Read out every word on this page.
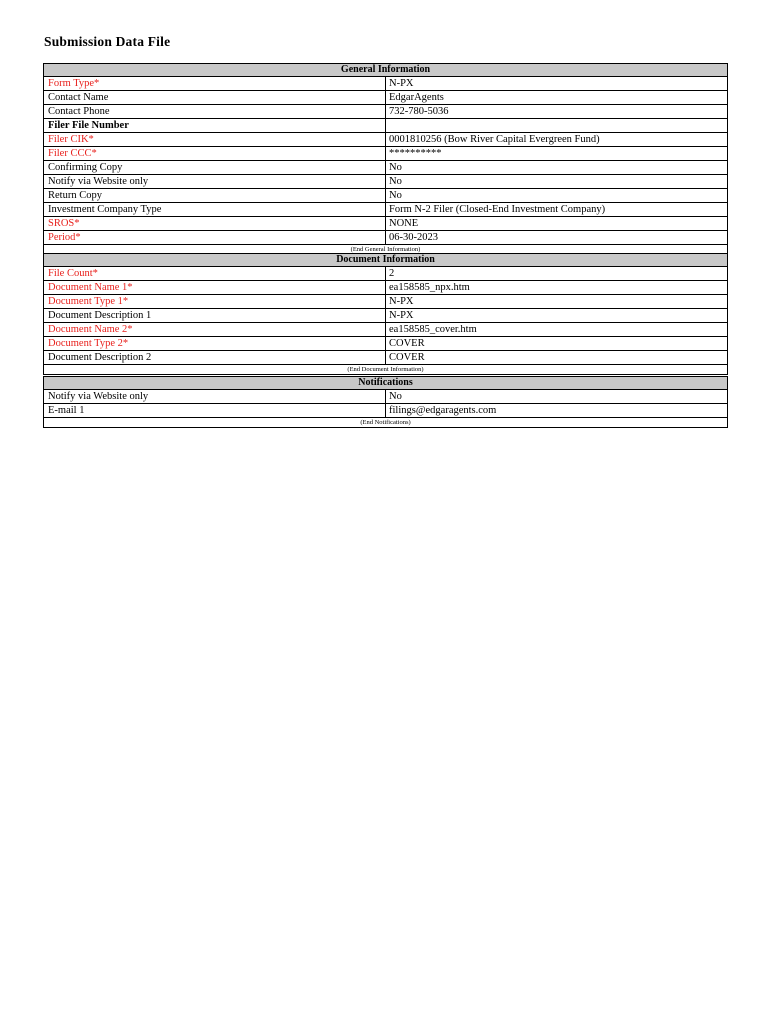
Submission Data File
General Information
Form Type*	N-PX
Contact Name	EdgarAgents
Contact Phone	732-780-5036
Filer File Number
Filer CIK*	0001810256 (Bow River Capital Evergreen Fund)
Filer CCC*	**********
Confirming Copy	No
Notify via Website only	No
Return Copy	No
Investment Company Type	Form N-2 Filer (Closed-End Investment Company)
SROS*	NONE
Period*	06-30-2023
(End General Information)
Document Information
File Count*	2
Document Name 1*	ea158585_npx.htm
Document Type 1*	N-PX
Document Description 1	N-PX
Document Name 2*	ea158585_cover.htm
Document Type 2*	COVER
Document Description 2	COVER
(End Document Information)
Notifications
Notify via Website only	No
E-mail 1	filings@edgaragents.com
(End Notifications)
